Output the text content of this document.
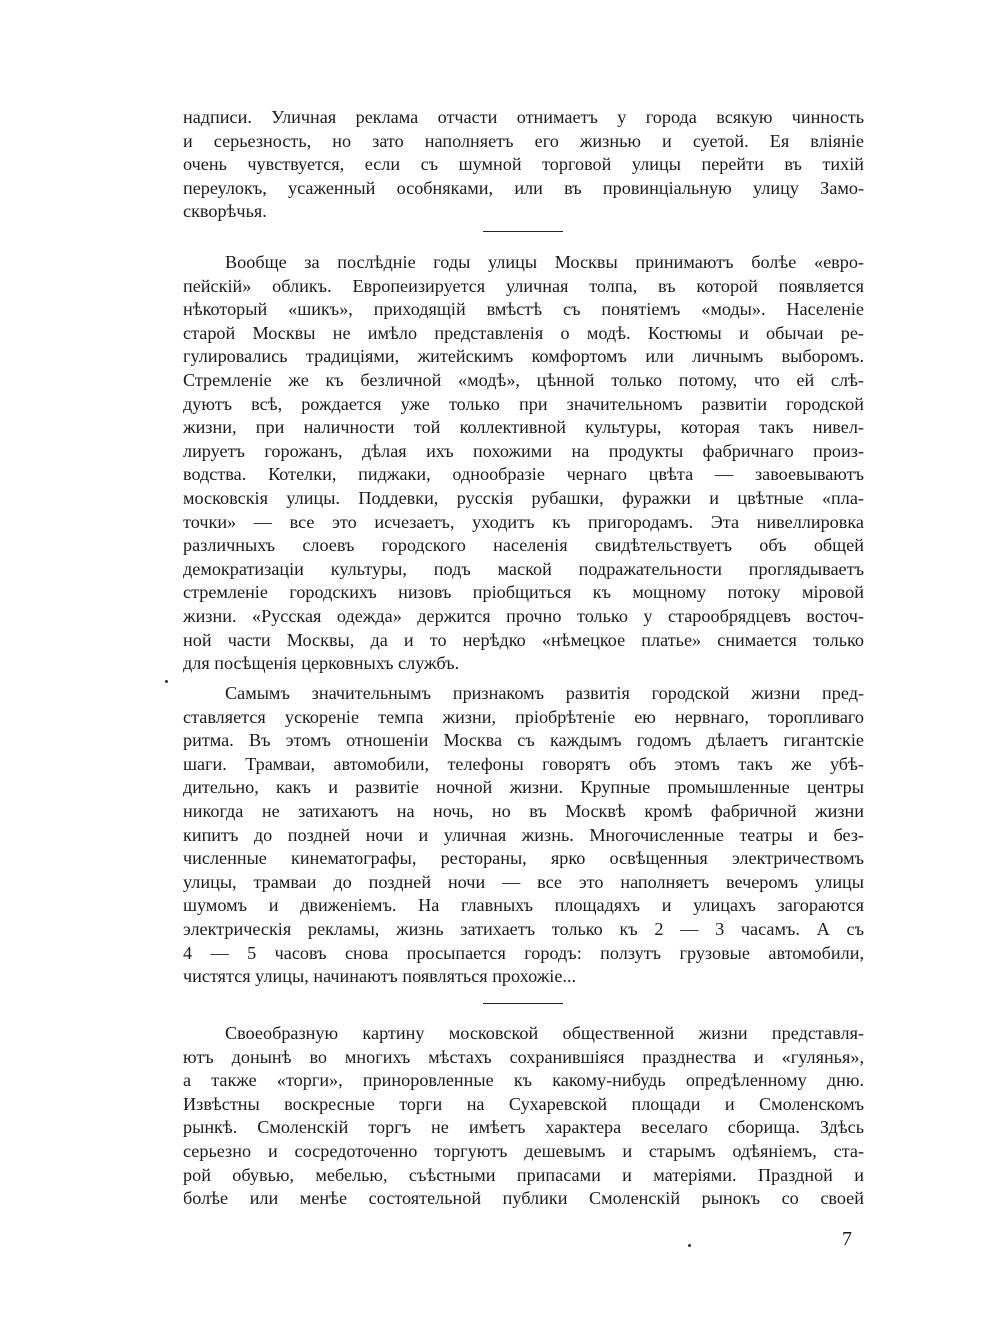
надписи. Уличная реклама отчасти отнимаетъ у города всякую чинность
и серьезность, но зато наполняетъ его жизнью и суетой. Ея вліяніе
очень чувствуется, если съ шумной торговой улицы перейти въ тихій
переулокъ, усаженный особняками, или въ провинціальную улицу Замо-
скворѣчья.
Вообще за послѣдніе годы улицы Москвы принимаютъ болѣе «евро-
пейскій» обликъ. Европеизируется уличная толпа, въ которой появляется
нѣкоторый «шикъ», приходящій вмѣстѣ съ понятіемъ «моды». Населеніе
старой Москвы не имѣло представленія о модѣ. Костюмы и обычаи ре-
гулировались традиціями, житейскимъ комфортомъ или личнымъ выборомъ.
Стремленіе же къ безличной «модѣ», цѣнной только потому, что ей слѣ-
дуютъ всѣ, рождается уже только при значительномъ развитіи городской
жизни, при наличности той коллективной культуры, которая такъ нивел-
лируетъ горожанъ, дѣлая ихъ похожими на продукты фабричнаго произ-
водства. Котелки, пиджаки, однообразіе чернаго цвѣта — завоевываютъ
московскія улицы. Поддевки, русскія рубашки, фуражки и цвѣтные «пла-
точки» — все это исчезаетъ, уходитъ къ пригородамъ. Эта нивеллировка
различныхъ слоевъ городского населенія свидѣтельствуетъ объ общей
демократизаціи культуры, подъ маской подражательности проглядываетъ
стремленіе городскихъ низовъ пріобщиться къ мощному потоку міровой
жизни. «Русская одежда» держится прочно только у старообрядцевъ восточ-
ной части Москвы, да и то нерѣдко «нѣмецкое платье» снимается только
для посѣщенія церковныхъ службъ.
Самымъ значительнымъ признакомъ развитія городской жизни пред-
ставляется ускореніе темпа жизни, пріобрѣтеніе ею нервнаго, торопливаго
ритма. Въ этомъ отношеніи Москва съ каждымъ годомъ дѣлаетъ гигантскіе
шаги. Трамваи, автомобили, телефоны говорятъ объ этомъ такъ же убѣ-
дительно, какъ и развитіе ночной жизни. Крупные промышленные центры
никогда не затихаютъ на ночь, но въ Москвѣ кромѣ фабричной жизни
кипитъ до поздней ночи и уличная жизнь. Многочисленные театры и без-
численные кинематографы, рестораны, ярко освѣщенныя электричествомъ
улицы, трамваи до поздней ночи — все это наполняетъ вечеромъ улицы
шумомъ и движеніемъ. На главныхъ площадяхъ и улицахъ загораются
электрическія рекламы, жизнь затихаетъ только къ 2 — 3 часамъ. А съ
4 — 5 часовъ снова просыпается городъ: ползутъ грузовые автомобили,
чистятся улицы, начинаютъ появляться прохожіе...
Своеобразную картину московской общественной жизни представля-
ютъ донынѣ во многихъ мѣстахъ сохранившіяся празднества и «гулянья»,
а также «торги», приноровленные къ какому-нибудь опредѣленному дню.
Извѣстны воскресные торги на Сухаревской площади и Смоленскомъ
рынкѣ. Смоленскій торгъ не имѣетъ характера веселаго сборища. Здѣсь
серьезно и сосредоточенно торгуютъ дешевымъ и старымъ одѣяніемъ, ста-
рой обувью, мебелью, съѣстными припасами и матеріями. Праздной и
болѣе или менѣе состоятельной публики Смоленскій рынокъ со своей
7
